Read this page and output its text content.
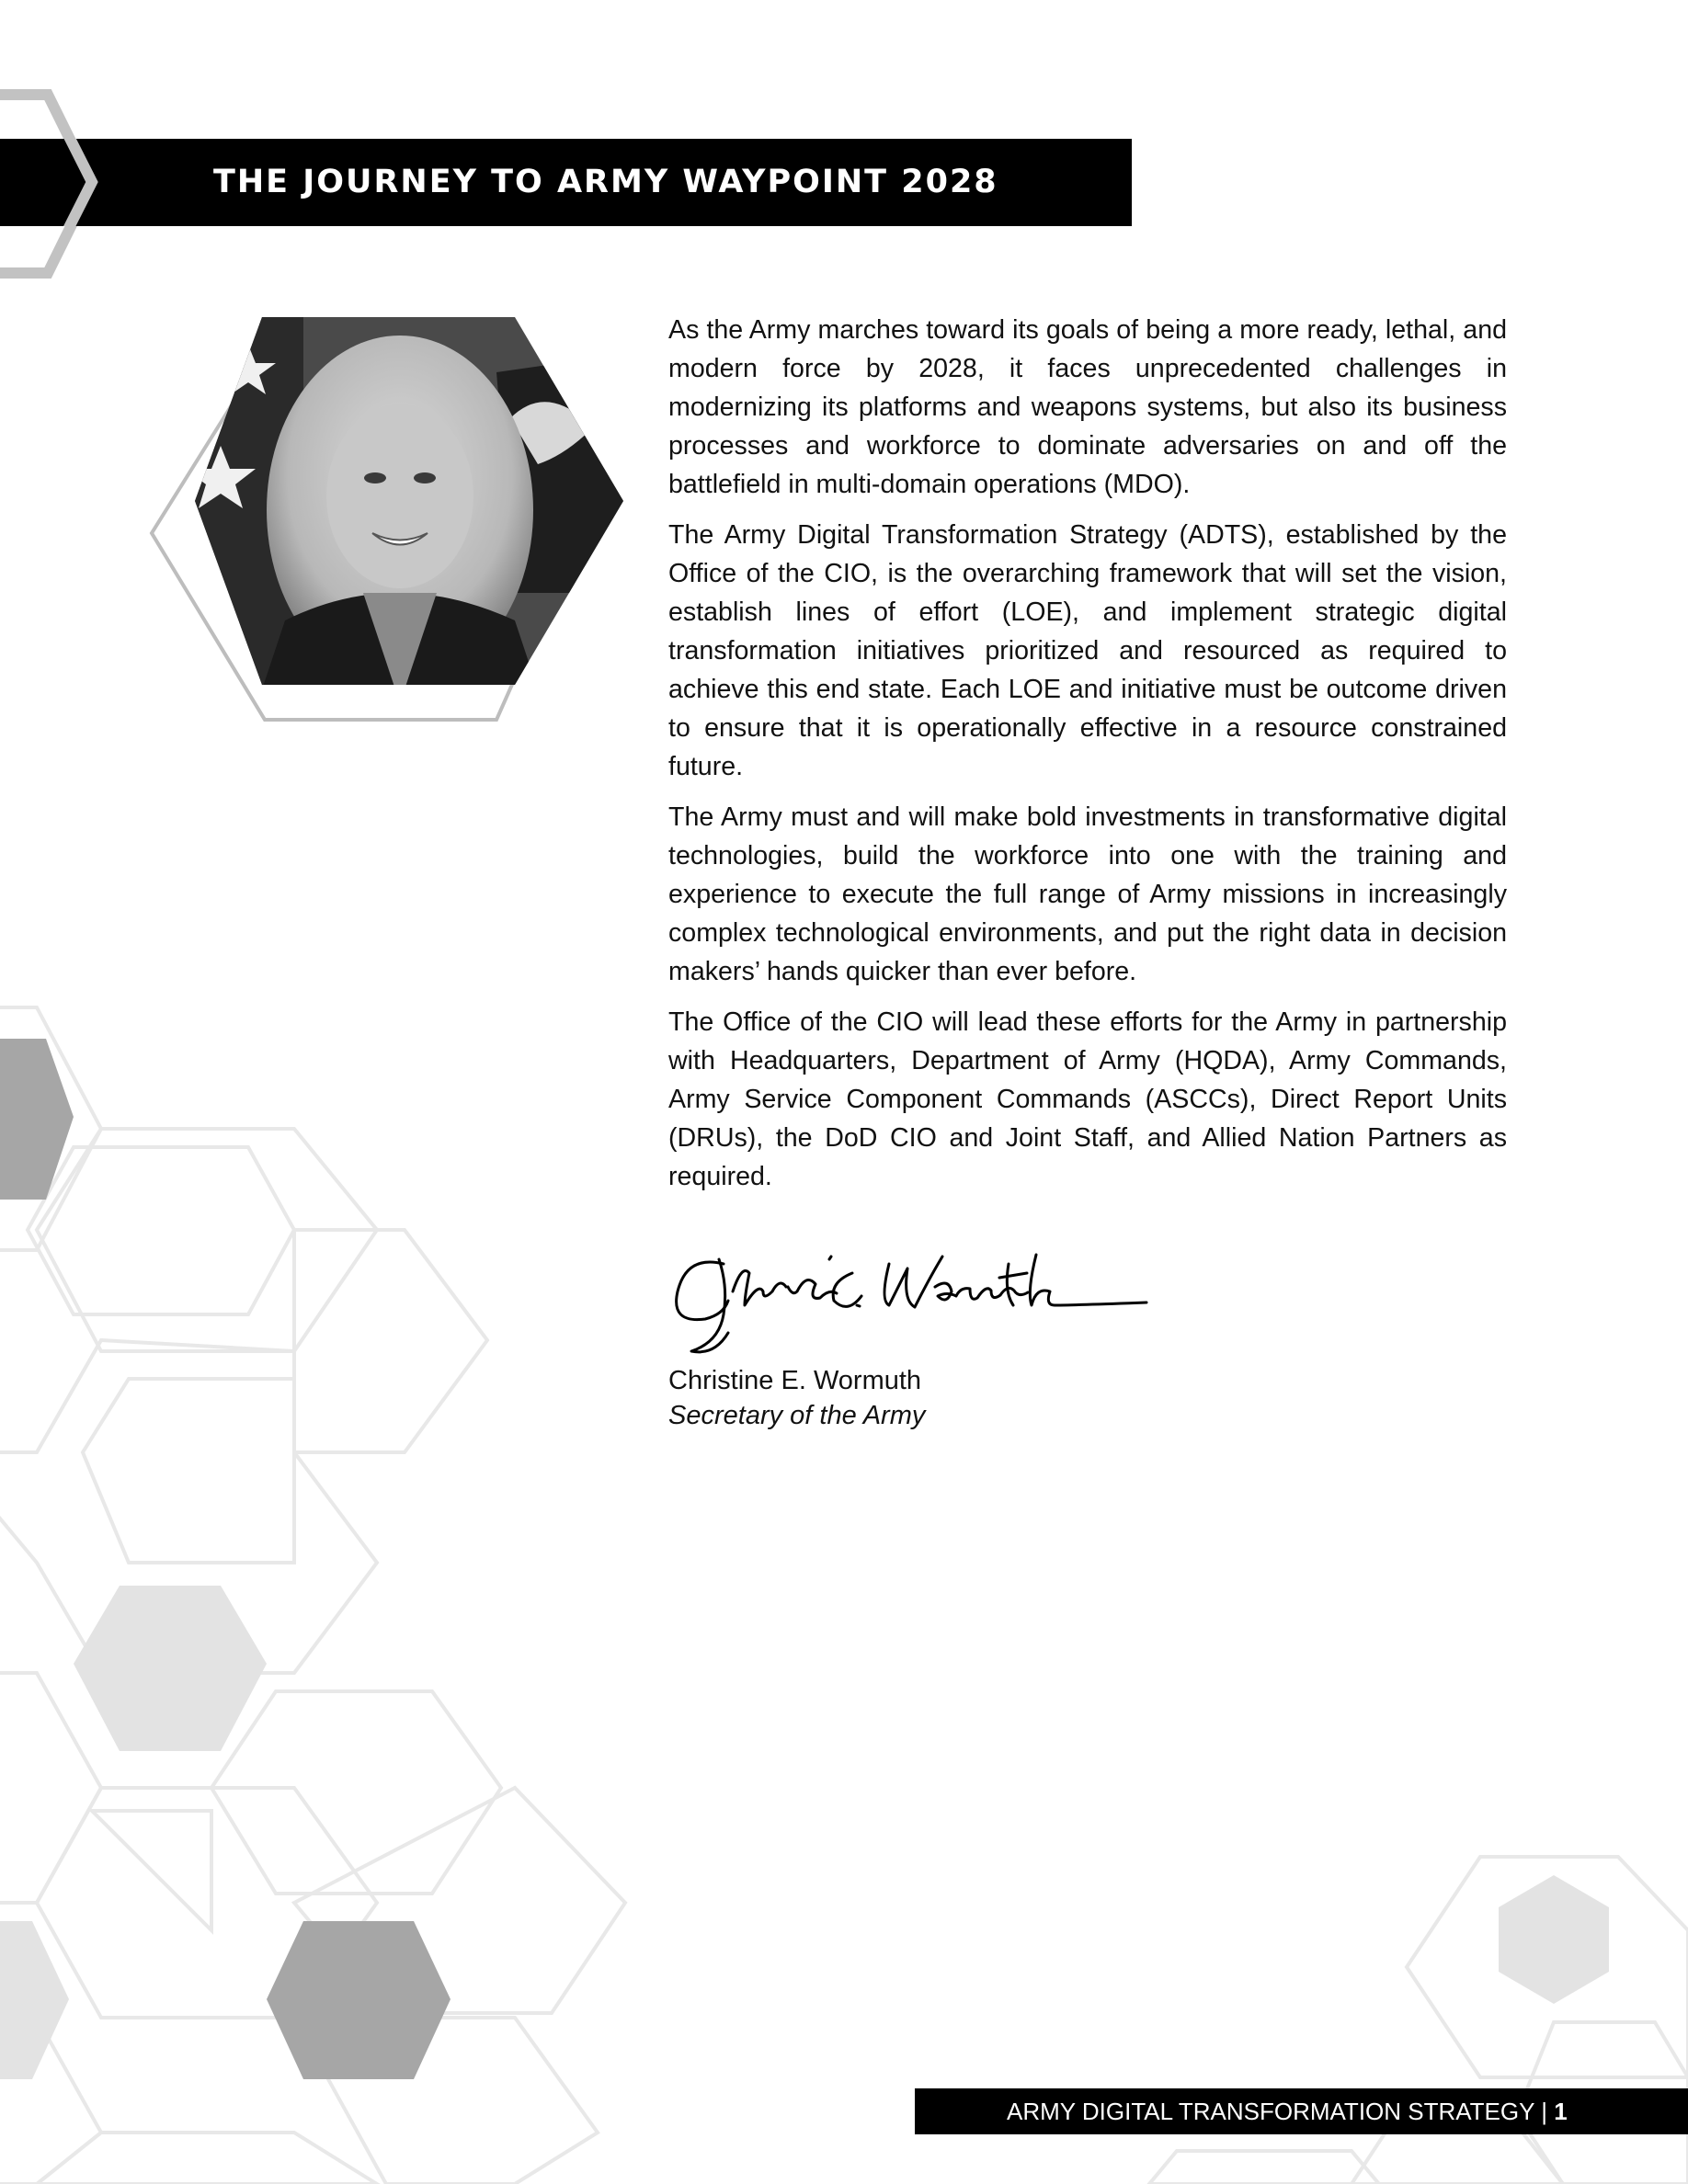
THE JOURNEY TO ARMY WAYPOINT 2028

As the Army marches toward its goals of being a more ready, lethal, and modern force by 2028, it faces unprecedented challenges in modernizing its platforms and weapons systems, but also its business processes and workforce to dominate adversaries on and off the battlefield in multi-domain operations (MDO).

The Army Digital Transformation Strategy (ADTS), established by the Office of the CIO, is the overarching framework that will set the vision, establish lines of effort (LOE), and implement strategic digital transformation initiatives prioritized and resourced as required to achieve this end state. Each LOE and initiative must be outcome driven to ensure that it is operationally effective in a resource constrained future.

The Army must and will make bold investments in transformative digital technologies, build the workforce into one with the training and experience to execute the full range of Army missions in increasingly complex technological environments, and put the right data in decision makers’ hands quicker than ever before.

The Office of the CIO will lead these efforts for the Army in partnership with Headquarters, Department of Army (HQDA), Army Commands, Army Service Component Commands (ASCCs), Direct Report Units (DRUs), the DoD CIO and Joint Staff, and Allied Nation Partners as required.

Christine E. Wormuth
Secretary of the Army
ARMY DIGITAL TRANSFORMATION STRATEGY | 1
